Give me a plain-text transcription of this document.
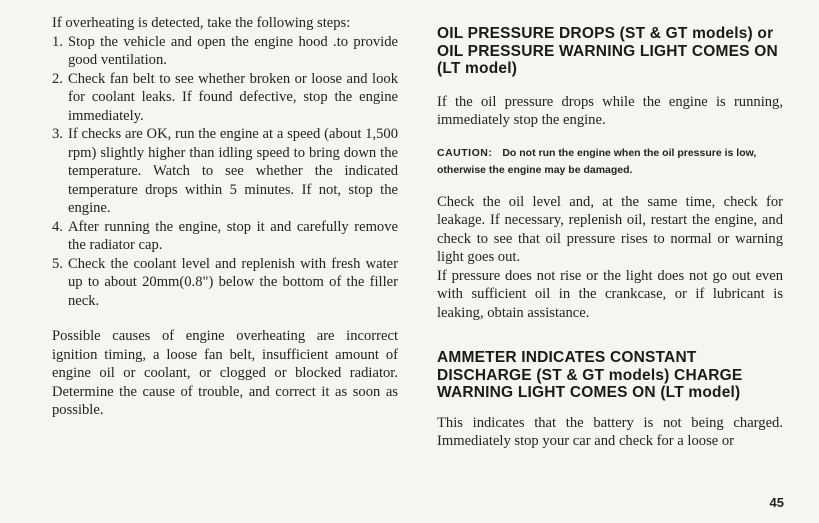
If overheating is detected, take the following steps:

1. Stop the vehicle and open the engine hood .to provide good ventilation.
2. Check fan belt to see whether broken or loose and look for coolant leaks. If found defective, stop the engine immediately.
3. If checks are OK, run the engine at a speed (about 1,500 rpm) slightly higher than idling speed to bring down the temperature. Watch to see whether the indicated temperature drops within 5 minutes. If not, stop the engine.
4. After running the engine, stop it and carefully remove the radiator cap.
5. Check the coolant level and replenish with fresh water up to about 20mm(0.8") below the bottom of the filler neck.

Possible causes of engine overheating are incorrect ignition timing, a loose fan belt, insufficient amount of engine oil or coolant, or clogged or blocked radiator. Determine the cause of trouble, and correct it as soon as possible.

OIL PRESSURE DROPS (ST & GT models) or OIL PRESSURE WARNING LIGHT COMES ON (LT model)

If the oil pressure drops while the engine is running, immediately stop the engine.

CAUTION: Do not run the engine when the oil pressure is low, otherwise the engine may be damaged.

Check the oil level and, at the same time, check for leakage. If necessary, replenish oil, restart the engine, and check to see that oil pressure rises to normal or warning light goes out.

If pressure does not rise or the light does not go out even with sufficient oil in the crankcase, or if lubricant is leaking, obtain assistance.

AMMETER INDICATES CONSTANT DISCHARGE (ST & GT models) CHARGE WARNING LIGHT COMES ON (LT model)

This indicates that the battery is not being charged. Immediately stop your car and check for a loose or

45
